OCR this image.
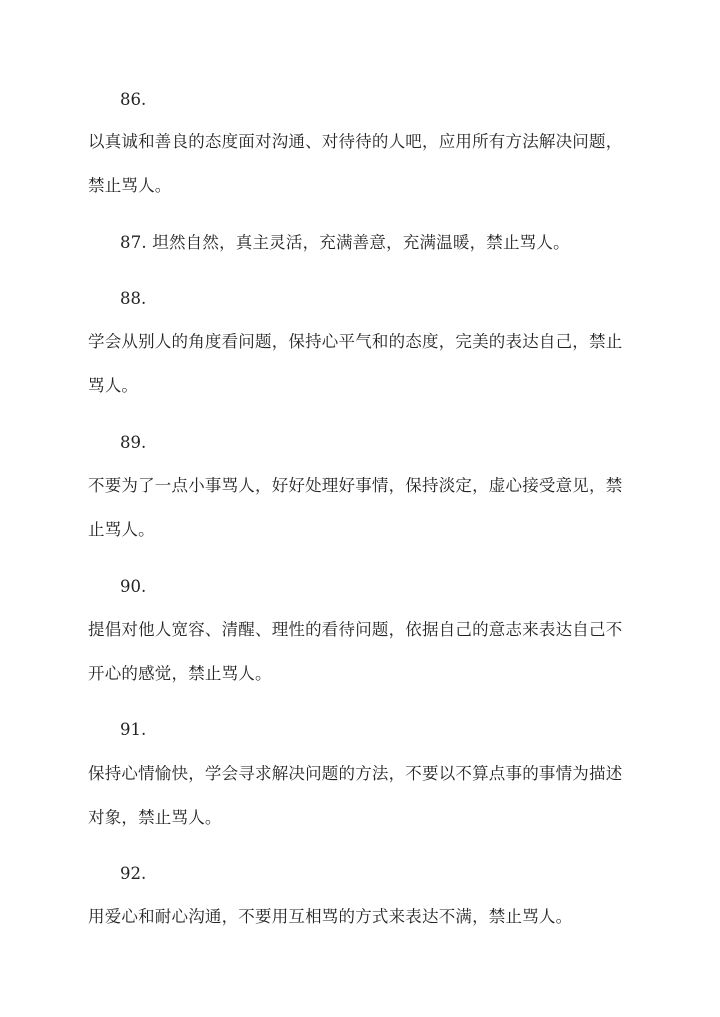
86.
以真诚和善良的态度面对沟通、对待待的人吧，应用所有方法解决问题，
禁止骂人。
87. 坦然自然，真主灵活，充满善意，充满温暖，禁止骂人。
88.
学会从别人的角度看问题，保持心平气和的态度，完美的表达自己，禁止
骂人。
89.
不要为了一点小事骂人，好好处理好事情，保持淡定，虚心接受意见，禁
止骂人。
90.
提倡对他人宽容、清醒、理性的看待问题，依据自己的意志来表达自己不
开心的感觉，禁止骂人。
91.
保持心情愉快，学会寻求解决问题的方法，不要以不算点事的事情为描述
对象，禁止骂人。
92.
用爱心和耐心沟通，不要用互相骂的方式来表达不满，禁止骂人。
